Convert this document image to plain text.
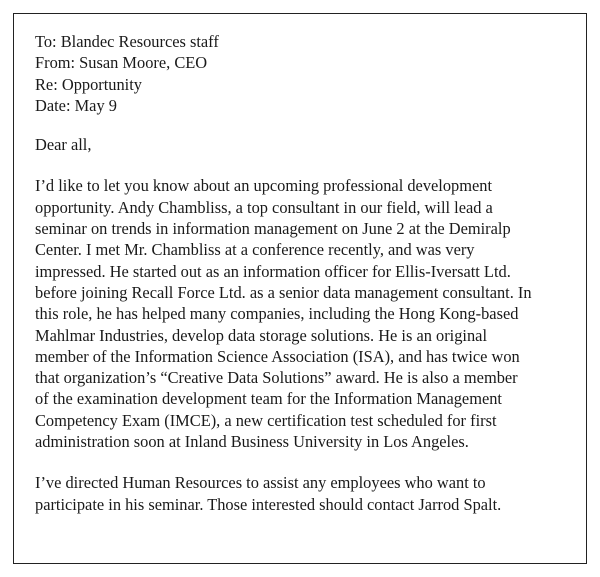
To: Blandec Resources staff
From: Susan Moore, CEO
Re: Opportunity
Date: May 9
Dear all,
I’d like to let you know about an upcoming professional development
opportunity. Andy Chambliss, a top consultant in our field, will lead a
seminar on trends in information management on June 2 at the Demiralp
Center. I met Mr. Chambliss at a conference recently, and was very
impressed. He started out as an information officer for Ellis-Iversatt Ltd.
before joining Recall Force Ltd. as a senior data management consultant. In
this role, he has helped many companies, including the Hong Kong-based
Mahlmar Industries, develop data storage solutions. He is an original
member of the Information Science Association (ISA), and has twice won
that organization’s “Creative Data Solutions” award. He is also a member
of the examination development team for the Information Management
Competency Exam (IMCE), a new certification test scheduled for first
administration soon at Inland Business University in Los Angeles.
I’ve directed Human Resources to assist any employees who want to
participate in his seminar. Those interested should contact Jarrod Spalt.
